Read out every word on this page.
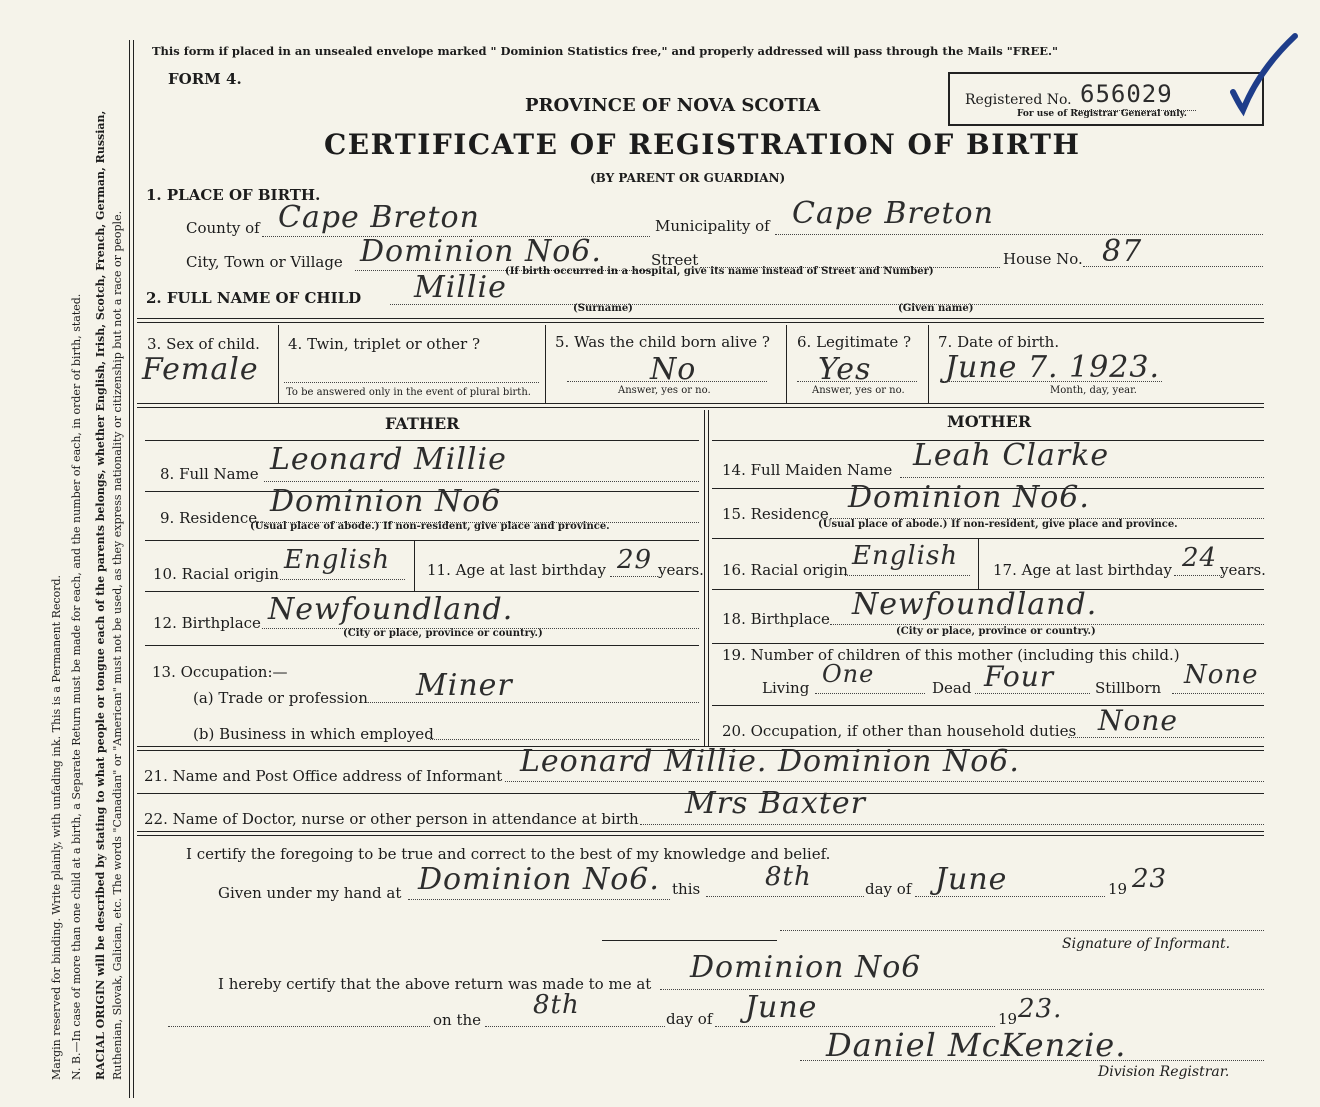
Margin reserved for binding. Write plainly, with unfading ink. This is a Permanent Record. N. B.—In case of more than one child at a birth, a Separate Return must be made for each, and the number of each, in order of birth, stated. RACIAL ORIGIN will be described by stating to what people or tongue each of the parents belongs, whether English, Irish, Scotch, French, German, Russian, Ruthenian, Slovak, Galician, etc. The words "Canadian" or "American" must not be used, as they express nationality or citizenship but not a race or people.
This form if placed in an unsealed envelope marked " Dominion Statistics free," and properly addressed will pass through the Mails "FREE."
FORM 4.
PROVINCE OF NOVA SCOTIA
CERTIFICATE OF REGISTRATION OF BIRTH
(BY PARENT OR GUARDIAN)
Registered No. 656029
For use of Registrar General only.
1. PLACE OF BIRTH.
County of Cape Breton	Municipality of Cape Breton
City, Town or Village Dominion No6.	Street	House No. 87
(If birth occurred in a hospital, give its name instead of Street and Number)
2. FULL NAME OF CHILD Millie
(Surname)	(Given name)
3. Sex of child.
Female
4. Twin, triplet or other ?
To be answered only in the event of plural birth.
5. Was the child born alive ?
No
Answer, yes or no.
6. Legitimate ?
Yes
Answer, yes or no.
7. Date of birth.
June 7. 1923.
Month, day, year.
FATHER
8. Full Name Leonard Millie
9. Residence Dominion No6
(Usual place of abode.) If non-resident, give place and province.
10. Racial origin English 11. Age at last birthday 29 years.
12. Birthplace Newfoundland.
(City or place, province or country.)
13. Occupation:—
(a) Trade or profession Miner
(b) Business in which employed
MOTHER
14. Full Maiden Name Leah Clarke
15. Residence Dominion No6.
(Usual place of abode.) If non-resident, give place and province.
16. Racial origin English 17. Age at last birthday 24 years.
18. Birthplace Newfoundland.
(City or place, province or country.)
19. Number of children of this mother (including this child.)
Living One	Dead Four	Stillborn None
20. Occupation, if other than household duties None
21. Name and Post Office address of Informant Leonard Millie. Dominion No6.
22. Name of Doctor, nurse or other person in attendance at birth Mrs Baxter
I certify the foregoing to be true and correct to the best of my knowledge and belief.
Given under my hand at Dominion No6. this 8th	day of June	19 23
Signature of Informant.
I hereby certify that the above return was made to me at Dominion No6
on the 8th	day of June	19 23.
Daniel McKenzie.
Division Registrar.
